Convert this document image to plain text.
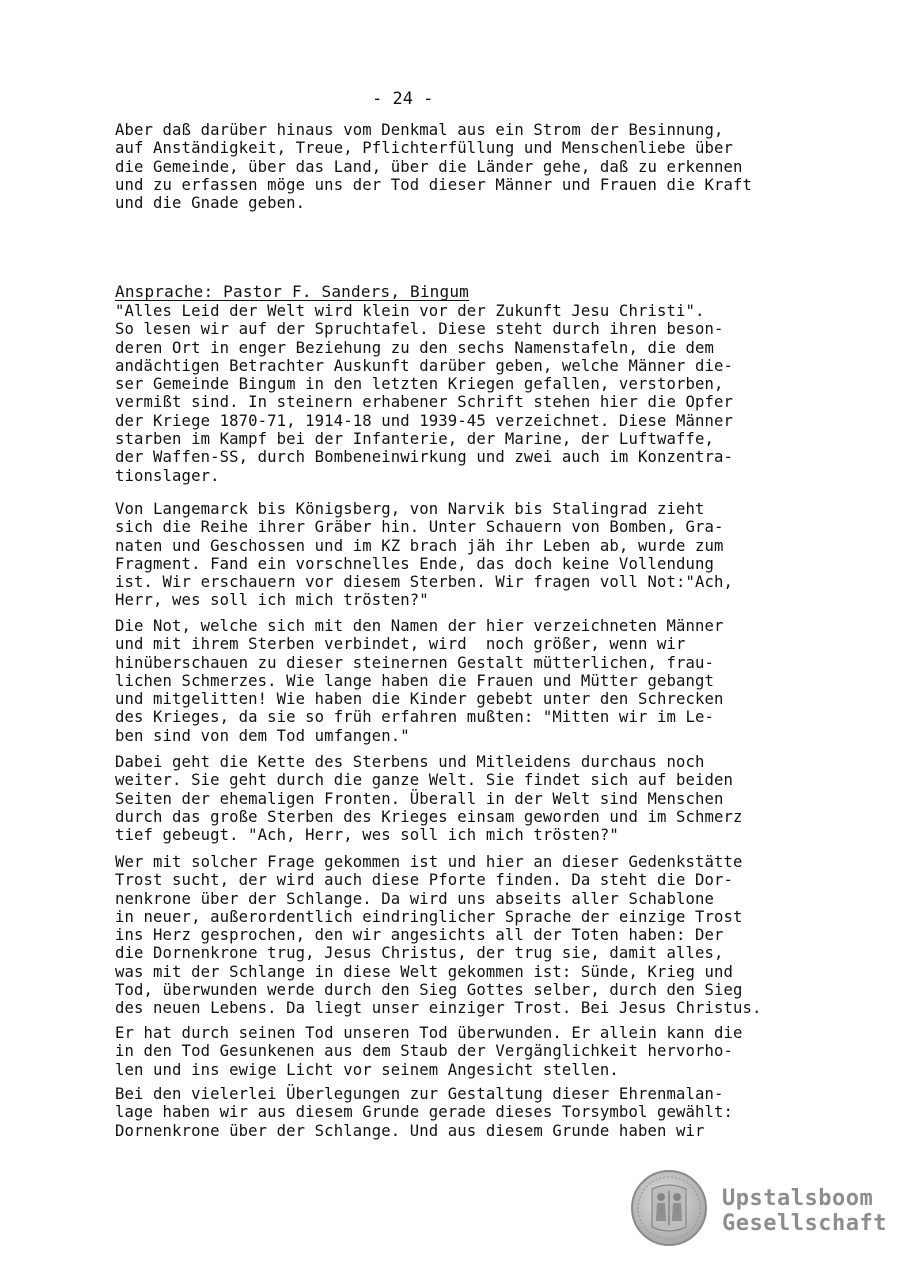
- 24 -
Aber daß darüber hinaus vom Denkmal aus ein Strom der Besinnung,
auf Anständigkeit, Treue, Pflichterfüllung und Menschenliebe über
die Gemeinde, über das Land, über die Länder gehe, daß zu erkennen
und zu erfassen möge uns der Tod dieser Männer und Frauen die Kraft
und die Gnade geben.
Ansprache: Pastor F. Sanders, Bingum
"Alles Leid der Welt wird klein vor der Zukunft Jesu Christi".
So lesen wir auf der Spruchtafel. Diese steht durch ihren beson-
deren Ort in enger Beziehung zu den sechs Namenstafeln, die dem
andächtigen Betrachter Auskunft darüber geben, welche Männer die-
ser Gemeinde Bingum in den letzten Kriegen gefallen, verstorben,
vermißt sind. In steinern erhabener Schrift stehen hier die Opfer
der Kriege 1870-71, 1914-18 und 1939-45 verzeichnet. Diese Männer
starben im Kampf bei der Infanterie, der Marine, der Luftwaffe,
der Waffen-SS, durch Bombeneinwirkung und zwei auch im Konzentra-
tionslager.
Von Langemarck bis Königsberg, von Narvik bis Stalingrad zieht
sich die Reihe ihrer Gräber hin. Unter Schauern von Bomben, Gra-
naten und Geschossen und im KZ brach jäh ihr Leben ab, wurde zum
Fragment. Fand ein vorschnelles Ende, das doch keine Vollendung
ist. Wir erschauern vor diesem Sterben. Wir fragen voll Not:"Ach,
Herr, wes soll ich mich trösten?"
Die Not, welche sich mit den Namen der hier verzeichneten Männer
und mit ihrem Sterben verbindet, wird  noch größer, wenn wir
hinüberschauen zu dieser steinernen Gestalt mütterlichen, frau-
lichen Schmerzes. Wie lange haben die Frauen und Mütter gebangt
und mitgelitten! Wie haben die Kinder gebebt unter den Schrecken
des Krieges, da sie so früh erfahren mußten: "Mitten wir im Le-
ben sind von dem Tod umfangen."
Dabei geht die Kette des Sterbens und Mitleidens durchaus noch
weiter. Sie geht durch die ganze Welt. Sie findet sich auf beiden
Seiten der ehemaligen Fronten. Überall in der Welt sind Menschen
durch das große Sterben des Krieges einsam geworden und im Schmerz
tief gebeugt. "Ach, Herr, wes soll ich mich trösten?"
Wer mit solcher Frage gekommen ist und hier an dieser Gedenkstätte
Trost sucht, der wird auch diese Pforte finden. Da steht die Dor-
nenkrone über der Schlange. Da wird uns abseits aller Schablone
in neuer, außerordentlich eindringlicher Sprache der einzige Trost
ins Herz gesprochen, den wir angesichts all der Toten haben: Der
die Dornenkrone trug, Jesus Christus, der trug sie, damit alles,
was mit der Schlange in diese Welt gekommen ist: Sünde, Krieg und
Tod, überwunden werde durch den Sieg Gottes selber, durch den Sieg
des neuen Lebens. Da liegt unser einziger Trost. Bei Jesus Christus.
Er hat durch seinen Tod unseren Tod überwunden. Er allein kann die
in den Tod Gesunkenen aus dem Staub der Vergänglichkeit hervorho-
len und ins ewige Licht vor seinem Angesicht stellen.
Bei den vielerlei Überlegungen zur Gestaltung dieser Ehrenmalan-
lage haben wir aus diesem Grunde gerade dieses Torsymbol gewählt:
Dornenkrone über der Schlange. Und aus diesem Grunde haben wir
Upstalsboom
Gesellschaft
